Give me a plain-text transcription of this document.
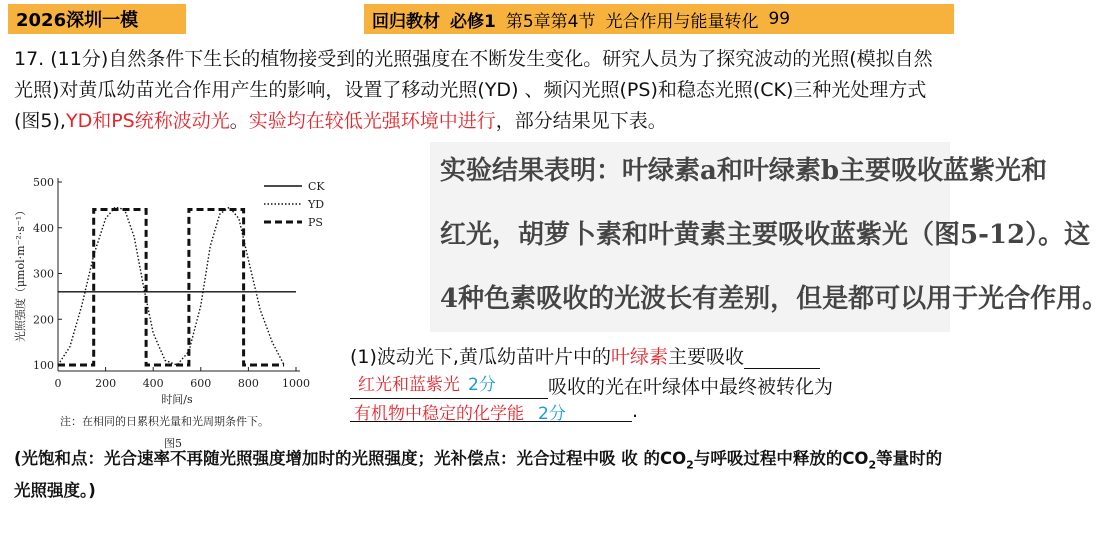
2026深圳一模	回归教材 必修1 第5章第4节 光合作用与能量转化 99
17. (11分)自然条件下生长的植物接受到的光照强度在不断发生变化。研究人员为了探究波动的光照(模拟自然光照)对黄瓜幼苗光合作用产生的影响，设置了移动光照(YD) 、频闪光照(PS)和稳态光照(CK)三种光处理方式(图5),YD和PS统称波动光。实验均在较低光强环境中进行，部分结果见下表。

实验结果表明：叶绿素a和叶绿素b主要吸收蓝紫光和

红光，胡萝卜素和叶黄素主要吸收蓝紫光（图5-12）。这

4种色素吸收的光波长有差别，但是都可以用于光合作用。

100
200
300
400
500
0	200 400 600 800 1000
光照强度（μmol·m⁻²·s⁻¹）
时间/s
CK
YD
PS
注：在相同的日累积光量和光周期条件下。
图5
(1)波动光下,黄瓜幼苗叶片中的叶绿素主要吸收
吸收的光在叶绿体中最终被转化为
.
红光和蓝紫光 2分
有机物中稳定的化学能 2分
(光饱和点：光合速率不再随光照强度增加时的光照强度；光补偿点：光合过程中吸 收 的$CO_2$与呼吸过程中释放的$CO_2$等量时的光照强度。)
